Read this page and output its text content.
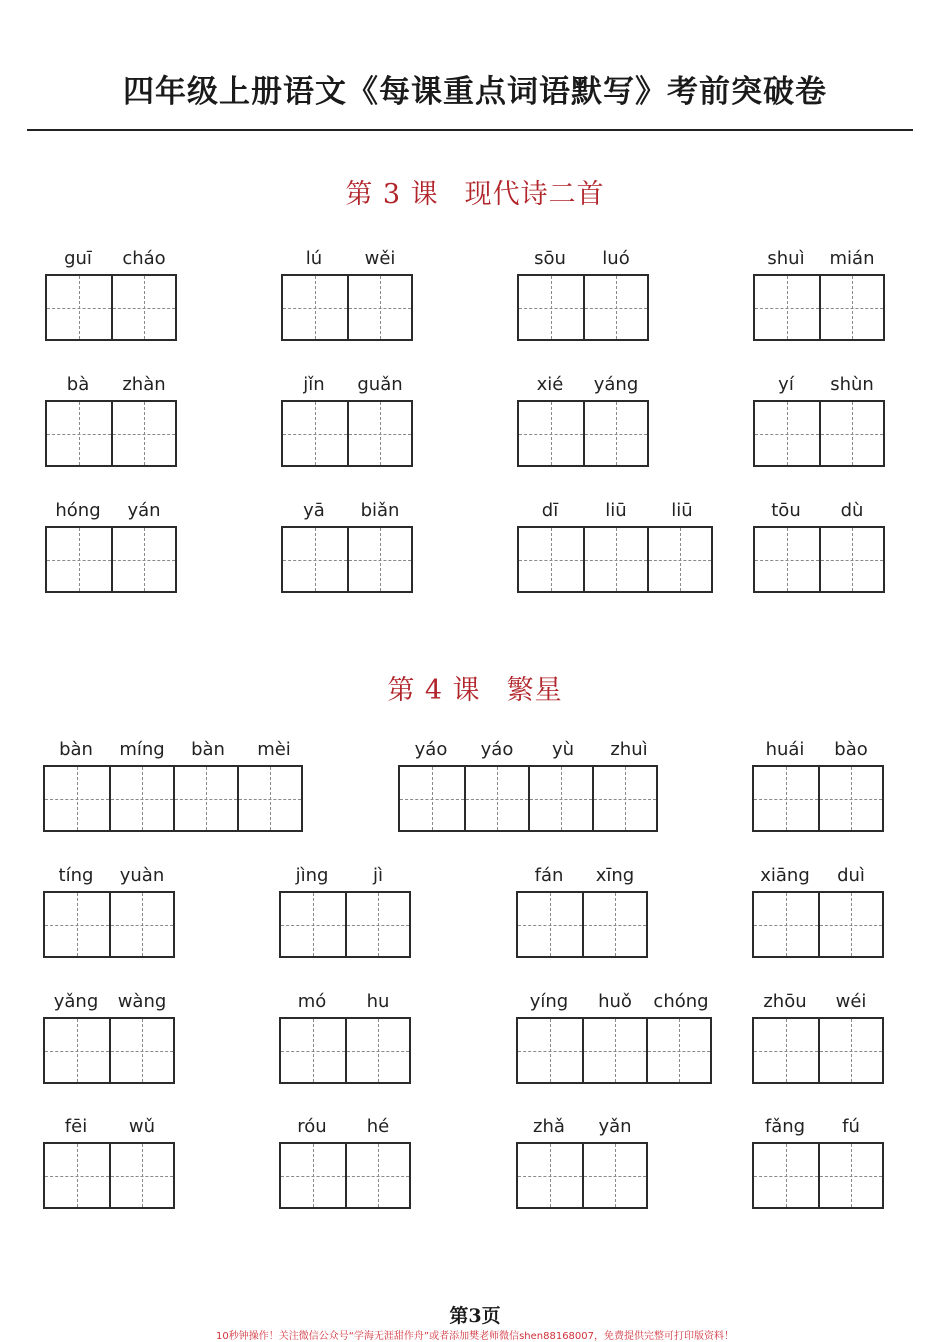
四年级上册语文《每课重点词语默写》考前突破卷
第 3 课 现代诗二首
第 4 课 繁星
guī	cháo	lú	wěi	sōu	luó	shuì	mián
bà	zhàn	jǐn	guǎn	xié	yáng	yí	shùn
hóng	yán	yā	biǎn	dī	liū	liū	tōu	dù
bàn	míng	bàn	mèi	yáo	yáo	yù	zhuì	huái	bào
tíng	yuàn	jìng	jì	fán	xīng	xiāng	duì
yǎng	wàng	mó	hu	yíng	huǒ	chóng	zhōu	wéi
fēi	wǔ	róu	hé	zhǎ	yǎn	fǎng	fú
第3页
10秒钟操作！关注微信公众号“学海无涯甜作舟”或者添加樊老师微信shen88168007，免费提供完整可打印版资料！
